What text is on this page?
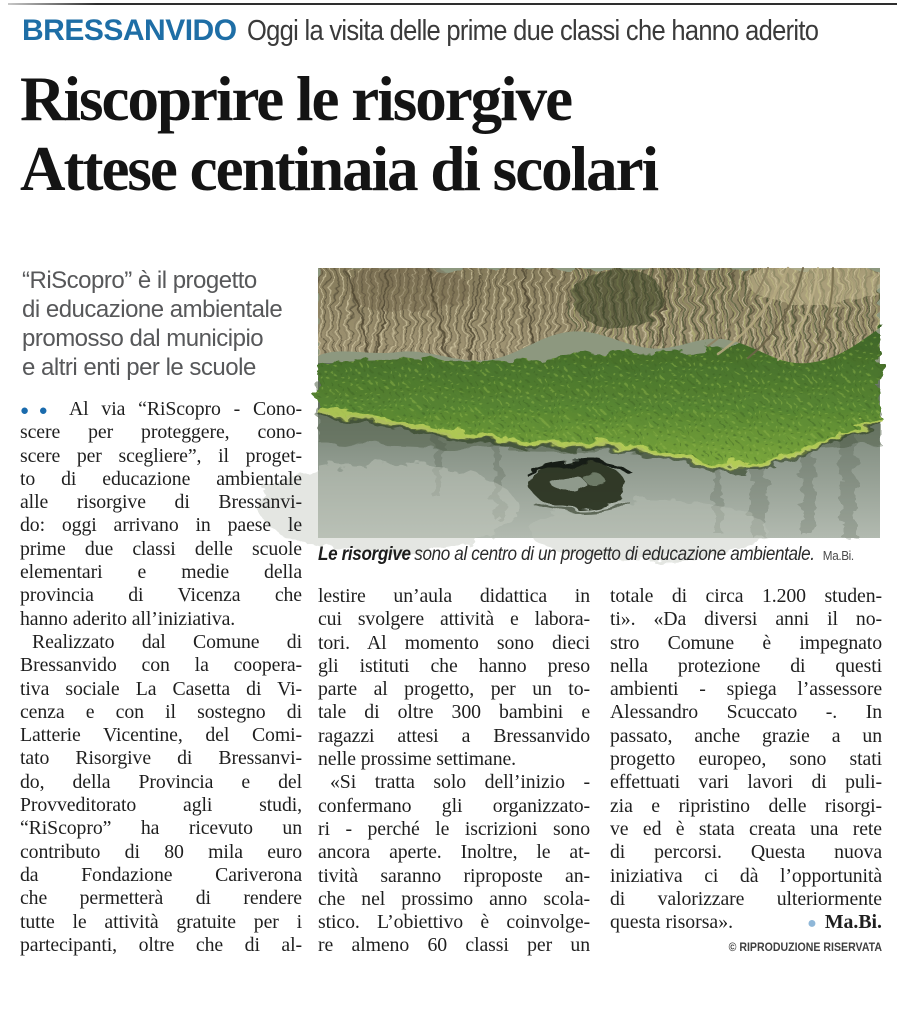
BRESSANVIDO Oggi la visita delle prime due classi che hanno aderito
Riscoprire le risorgive
Attese centinaia di scolari
“RiScopro” è il progetto
di educazione ambientale
promosso dal municipio
e altri enti per le scuole
Le risorgive sono al centro di un progetto di educazione ambientale. Ma.Bi.
●● Al via “RiScopro - Cono-
scere per proteggere, cono-
scere per scegliere”, il proget-
to di educazione ambientale
alle risorgive di Bressanvi-
do: oggi arrivano in paese le
prime due classi delle scuole
elementari e medie della
provincia di Vicenza che
hanno aderito all’iniziativa.
Realizzato dal Comune di
Bressanvido con la coopera-
tiva sociale La Casetta di Vi-
cenza e con il sostegno di
Latterie Vicentine, del Comi-
tato Risorgive di Bressanvi-
do, della Provincia e del
Provveditorato agli studi,
“RiScopro” ha ricevuto un
contributo di 80 mila euro
da Fondazione Cariverona
che permetterà di rendere
tutte le attività gratuite per i
partecipanti, oltre che di al-
lestire un’aula didattica in
cui svolgere attività e labora-
tori. Al momento sono dieci
gli istituti che hanno preso
parte al progetto, per un to-
tale di oltre 300 bambini e
ragazzi attesi a Bressanvido
nelle prossime settimane.
«Si tratta solo dell’inizio -
confermano gli organizzato-
ri - perché le iscrizioni sono
ancora aperte. Inoltre, le at-
tività saranno riproposte an-
che nel prossimo anno scola-
stico. L’obiettivo è coinvolge-
re almeno 60 classi per un
totale di circa 1.200 studen-
ti». «Da diversi anni il no-
stro Comune è impegnato
nella protezione di questi
ambienti - spiega l’assessore
Alessandro Scuccato -. In
passato, anche grazie a un
progetto europeo, sono stati
effettuati vari lavori di puli-
zia e ripristino delle risorgi-
ve ed è stata creata una rete
di percorsi. Questa nuova
iniziativa ci dà l’opportunità
di valorizzare ulteriormente
questa risorsa».	● Ma.Bi.
© RIPRODUZIONE RISERVATA
